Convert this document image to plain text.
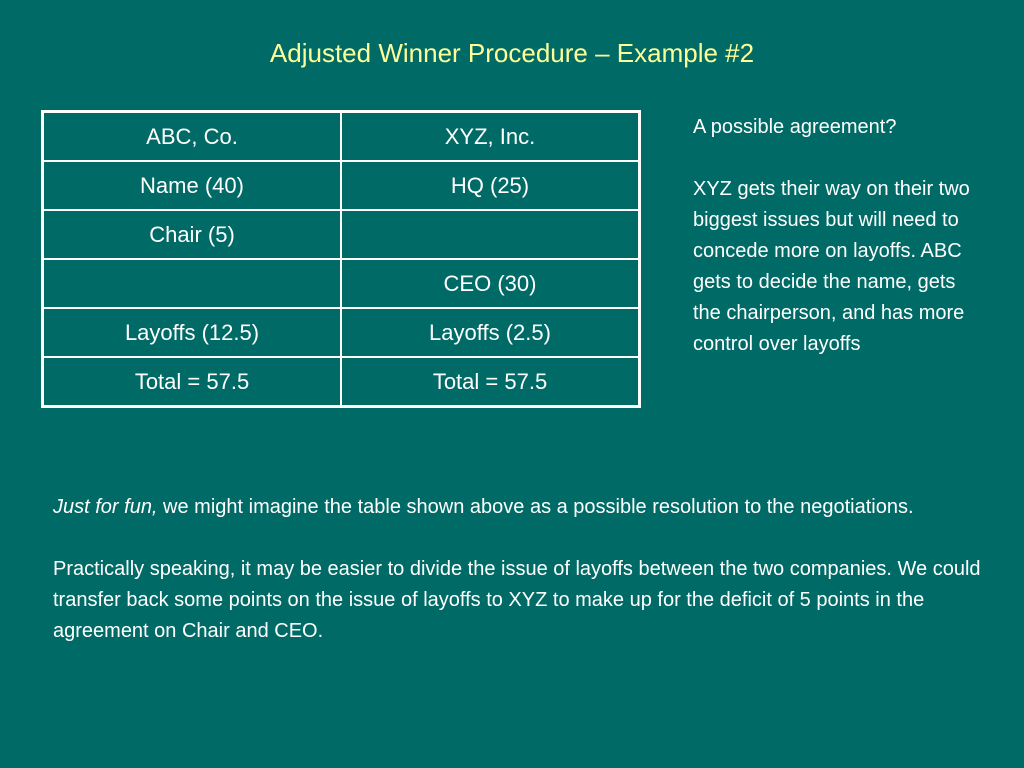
Adjusted Winner Procedure – Example #2
ABC, Co.	XYZ, Inc.
Name (40)	HQ (25)
Chair (5)	
	CEO (30)
Layoffs (12.5)	Layoffs (2.5)
Total = 57.5	Total = 57.5

A possible agreement?

XYZ gets their way on their two biggest issues but will need to concede more on layoffs. ABC gets to decide the name, gets the chairperson, and has more control over layoffs

Just for fun, we might imagine the table shown above as a possible resolution to the negotiations.

Practically speaking, it may be easier to divide the issue of layoffs between the two companies. We could transfer back some points on the issue of layoffs to XYZ to make up for the deficit of 5 points in the agreement on Chair and CEO.
